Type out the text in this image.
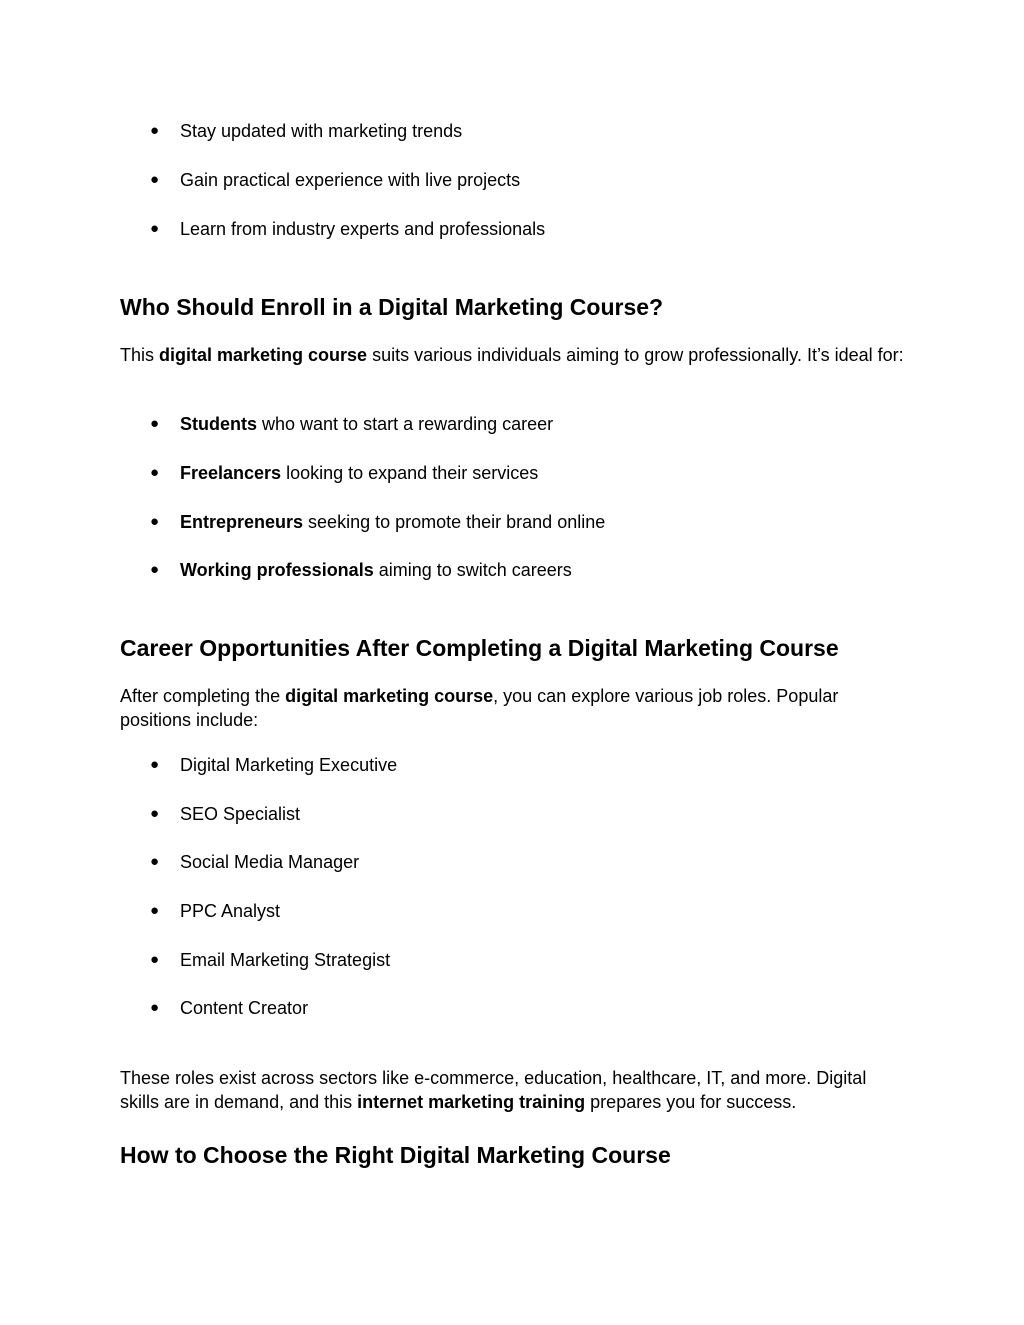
● Stay updated with marketing trends
● Gain practical experience with live projects
● Learn from industry experts and professionals
Who Should Enroll in a Digital Marketing Course?

This digital marketing course suits various individuals aiming to grow professionally. It’s ideal for:

● Students who want to start a rewarding career
● Freelancers looking to expand their services
● Entrepreneurs seeking to promote their brand online
● Working professionals aiming to switch careers
Career Opportunities After Completing a Digital Marketing Course

After completing the digital marketing course, you can explore various job roles. Popular positions include:

● Digital Marketing Executive
● SEO Specialist
● Social Media Manager
● PPC Analyst
● Email Marketing Strategist
● Content Creator

These roles exist across sectors like e-commerce, education, healthcare, IT, and more. Digital skills are in demand, and this internet marketing training prepares you for success.

How to Choose the Right Digital Marketing Course
